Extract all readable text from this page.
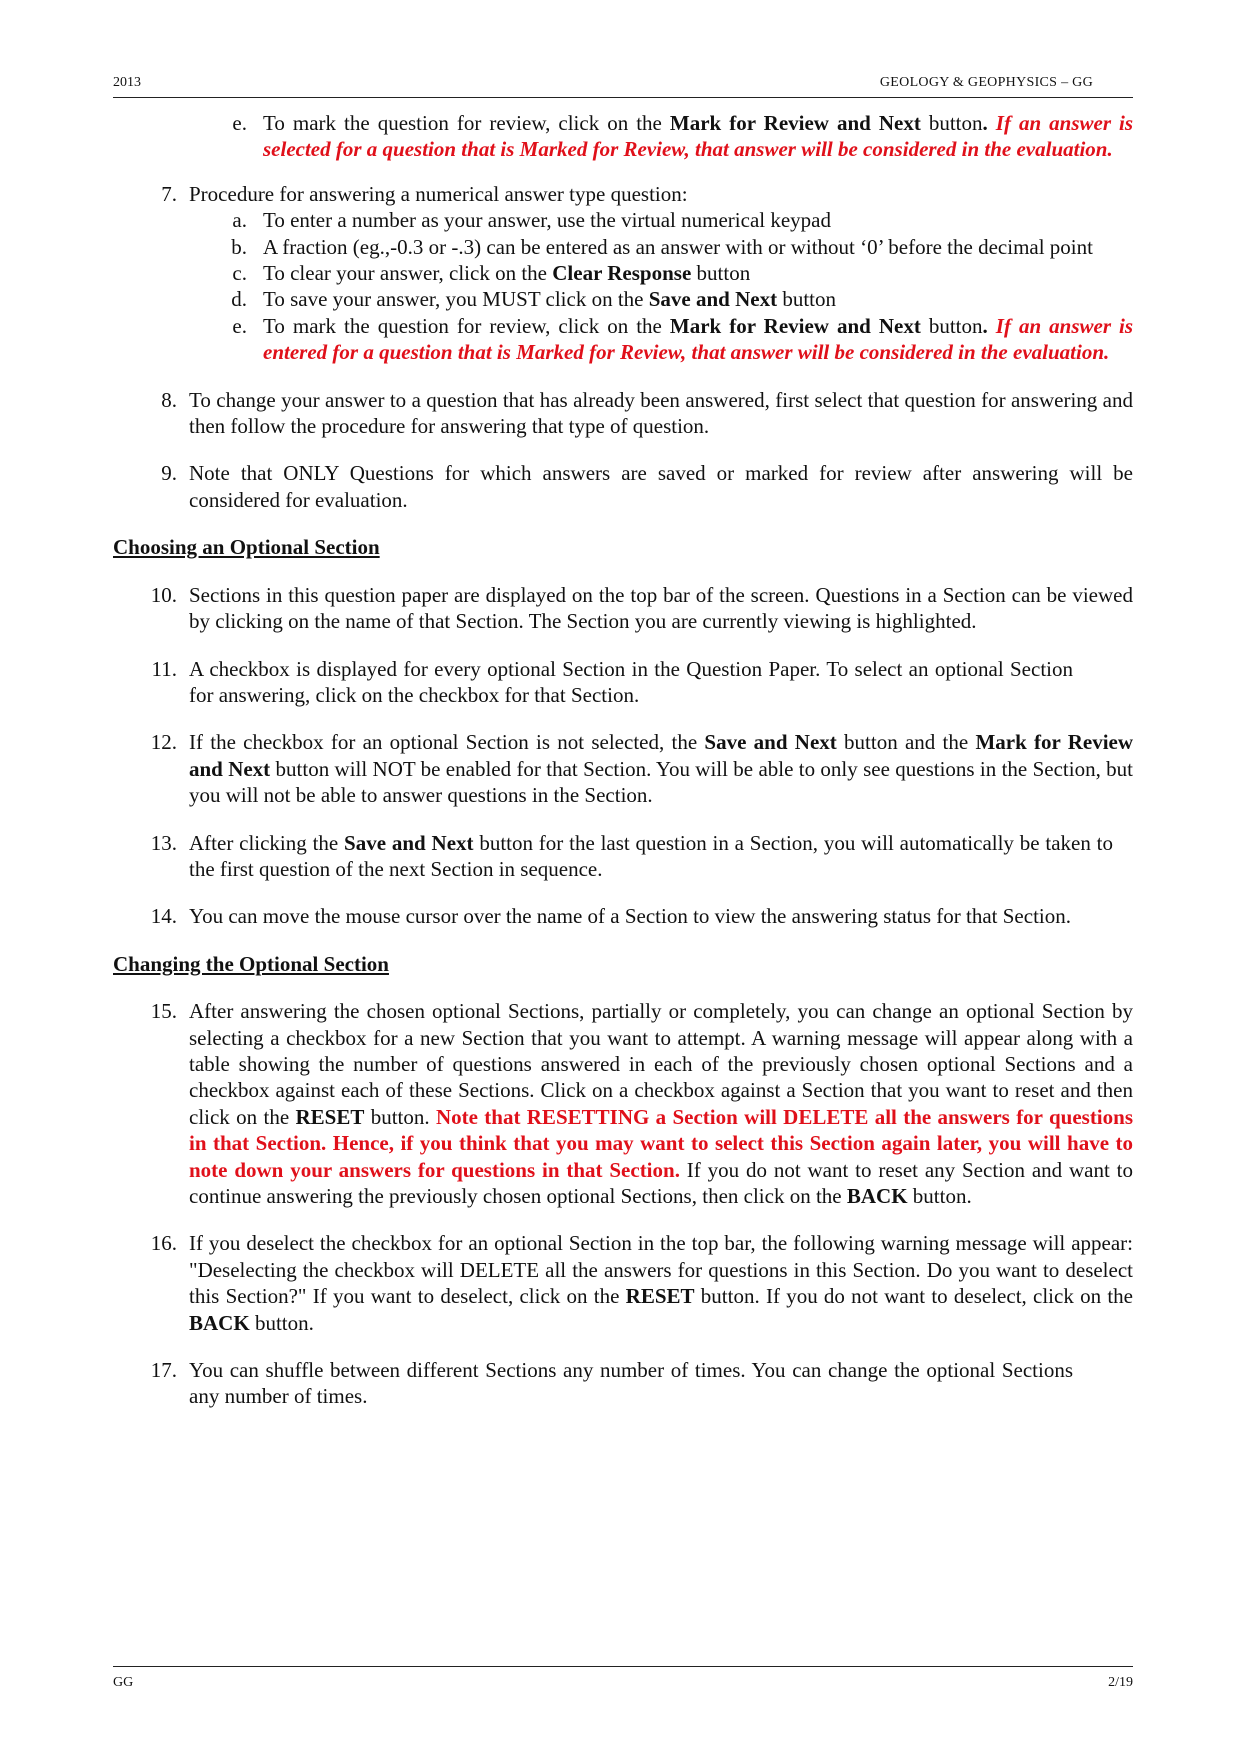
2013	GEOLOGY & GEOPHYSICS – GG
e. To mark the question for review, click on the Mark for Review and Next button. If an answer is selected for a question that is Marked for Review, that answer will be considered in the evaluation.
7. Procedure for answering a numerical answer type question:
a. To enter a number as your answer, use the virtual numerical keypad
b. A fraction (eg.,-0.3 or -.3) can be entered as an answer with or without ‘0’ before the decimal point
c. To clear your answer, click on the Clear Response button
d. To save your answer, you MUST click on the Save and Next button
e. To mark the question for review, click on the Mark for Review and Next button. If an answer is entered for a question that is Marked for Review, that answer will be considered in the evaluation.
8. To change your answer to a question that has already been answered, first select that question for answering and then follow the procedure for answering that type of question.
9. Note that ONLY Questions for which answers are saved or marked for review after answering will be considered for evaluation.

Choosing an Optional Section

10. Sections in this question paper are displayed on the top bar of the screen. Questions in a Section can be viewed by clicking on the name of that Section. The Section you are currently viewing is highlighted.
11. A checkbox is displayed for every optional Section in the Question Paper. To select an optional Section for answering, click on the checkbox for that Section.
12. If the checkbox for an optional Section is not selected, the Save and Next button and the Mark for Review and Next button will NOT be enabled for that Section. You will be able to only see questions in the Section, but you will not be able to answer questions in the Section.
13. After clicking the Save and Next button for the last question in a Section, you will automatically be taken to the first question of the next Section in sequence.
14. You can move the mouse cursor over the name of a Section to view the answering status for that Section.

Changing the Optional Section

15. After answering the chosen optional Sections, partially or completely, you can change an optional Section by selecting a checkbox for a new Section that you want to attempt. A warning message will appear along with a table showing the number of questions answered in each of the previously chosen optional Sections and a checkbox against each of these Sections. Click on a checkbox against a Section that you want to reset and then click on the RESET button. Note that RESETTING a Section will DELETE all the answers for questions in that Section. Hence, if you think that you may want to select this Section again later, you will have to note down your answers for questions in that Section. If you do not want to reset any Section and want to continue answering the previously chosen optional Sections, then click on the BACK button.
16. If you deselect the checkbox for an optional Section in the top bar, the following warning message will appear: "Deselecting the checkbox will DELETE all the answers for questions in this Section. Do you want to deselect this Section?" If you want to deselect, click on the RESET button. If you do not want to deselect, click on the BACK button.
17. You can shuffle between different Sections any number of times. You can change the optional Sections any number of times.
GG	2/19
